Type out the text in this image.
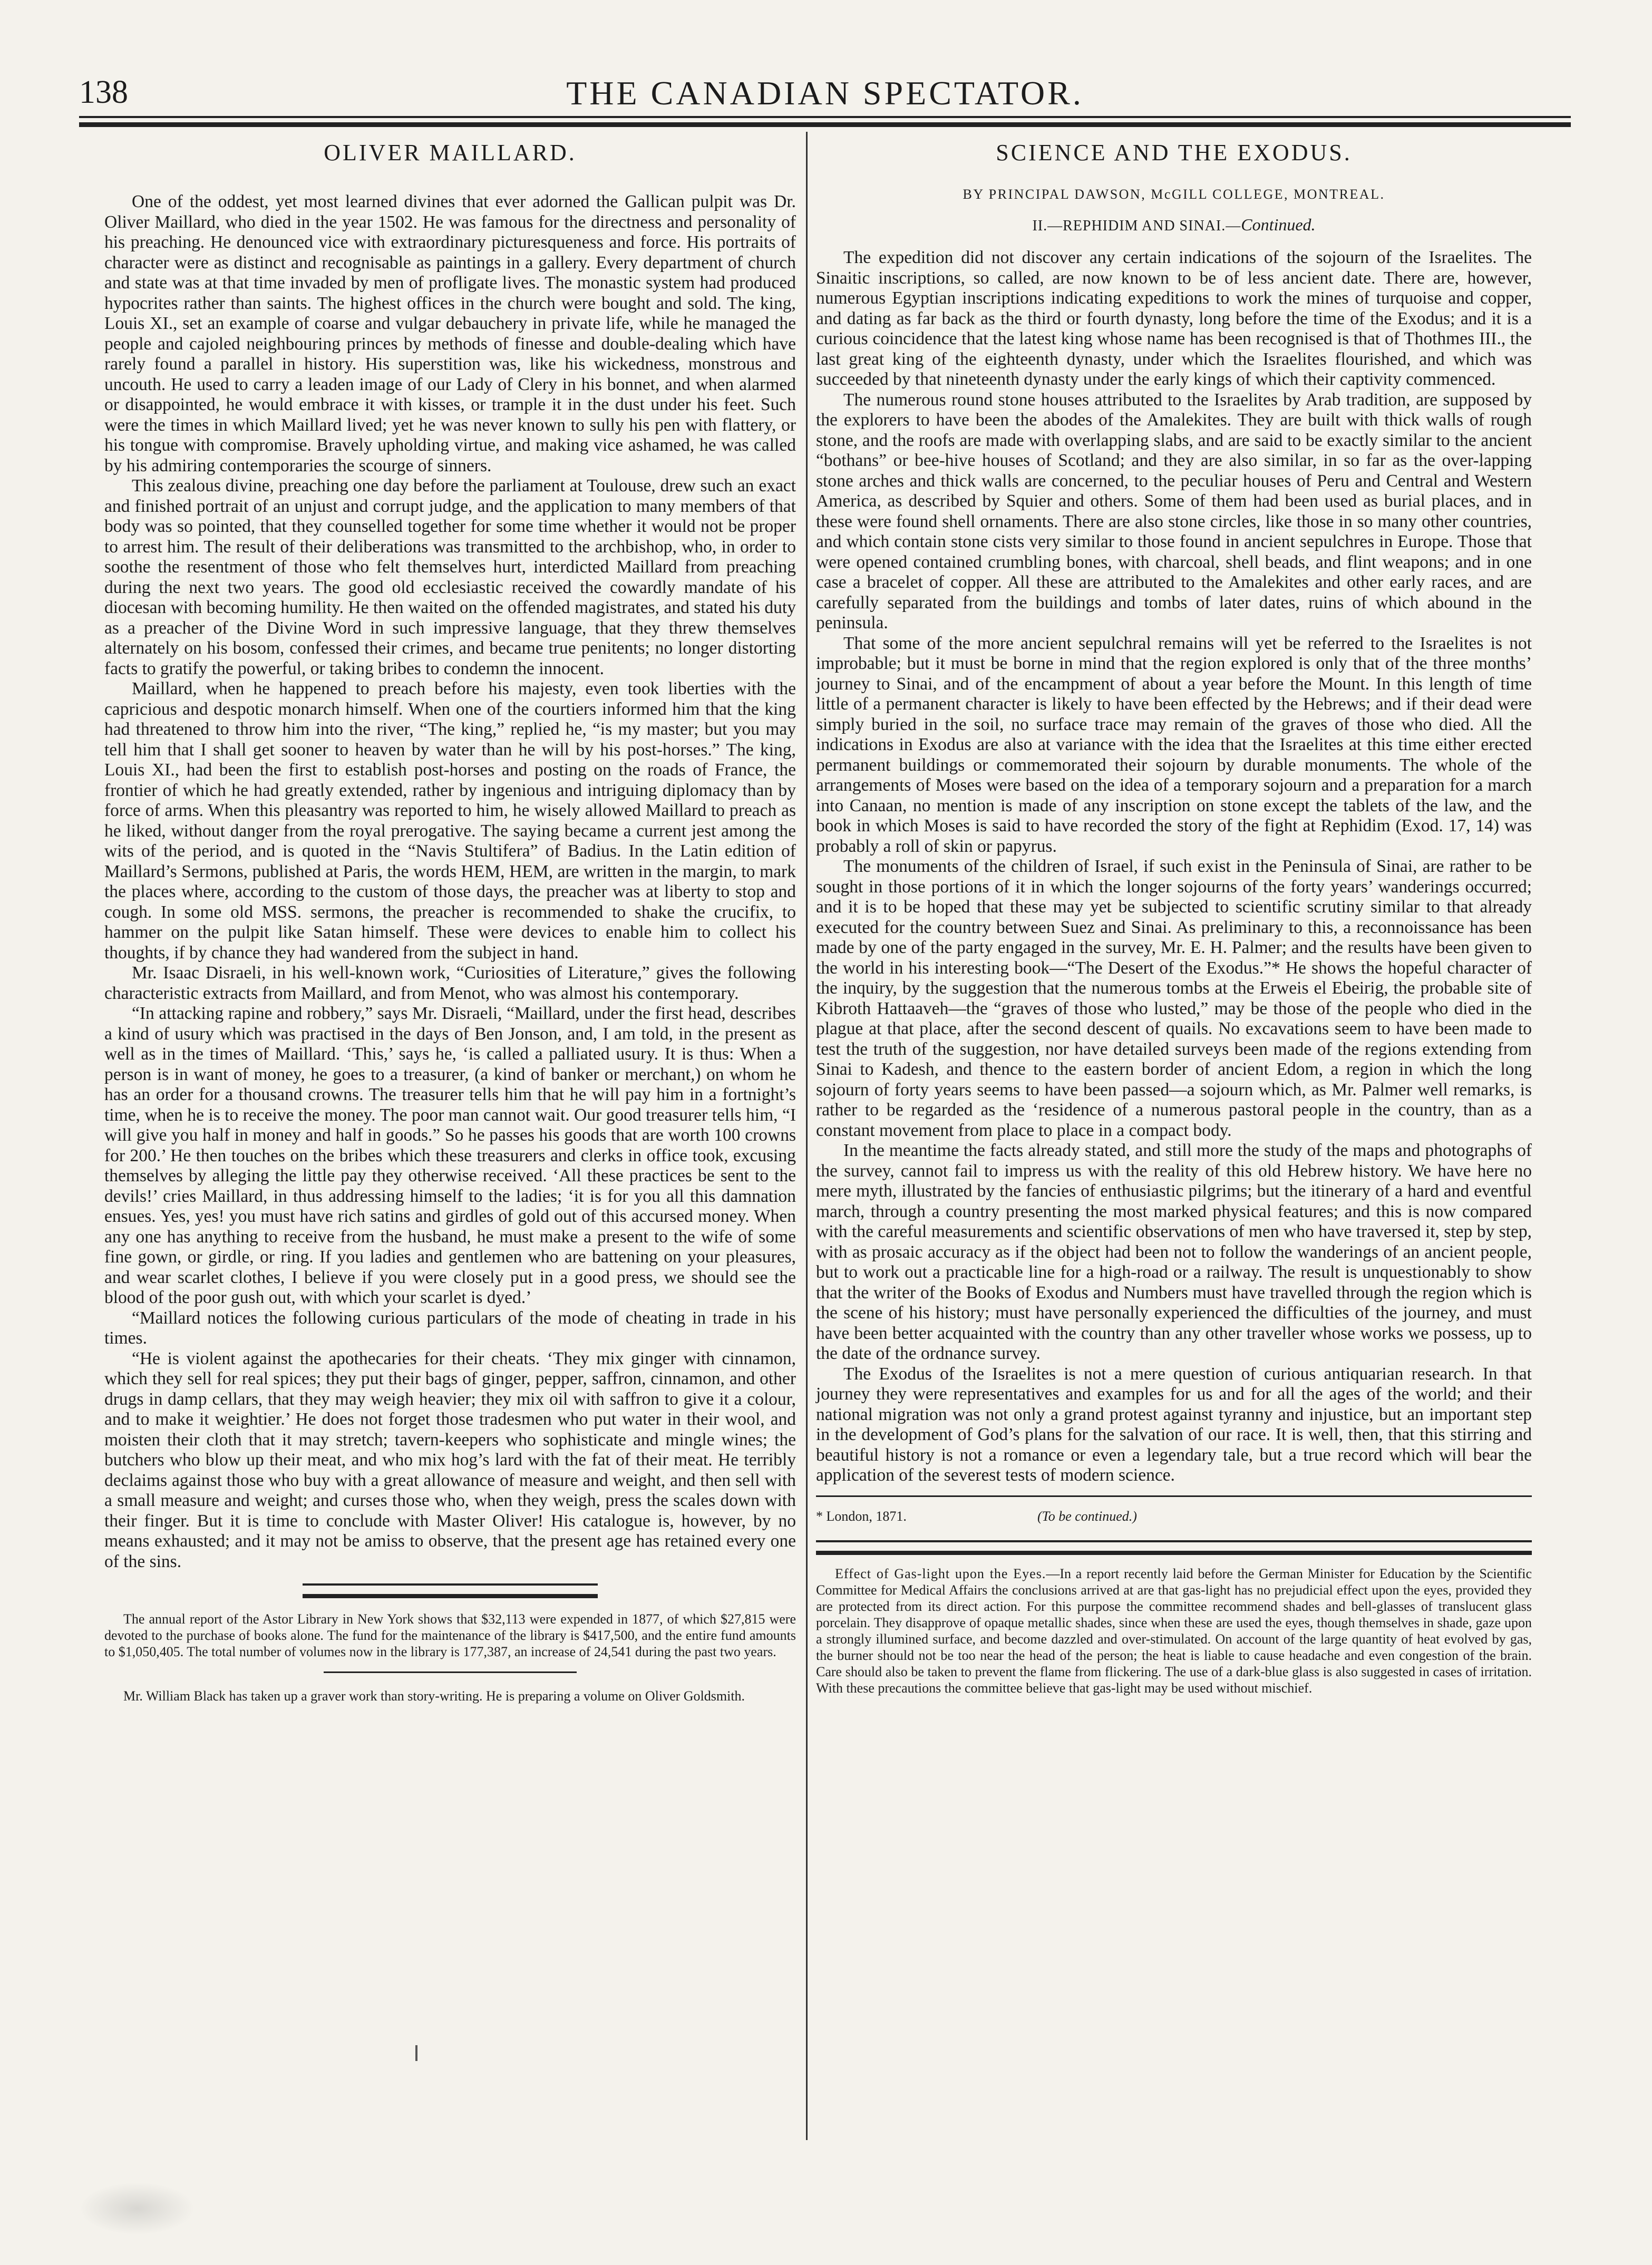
138	THE CANADIAN SPECTATOR.
OLIVER MAILLARD.

One of the oddest, yet most learned divines that ever adorned the Gallican pulpit was Dr. Oliver Maillard, who died in the year 1502. He was famous for the directness and personality of his preaching. He denounced vice with extraordinary picturesqueness and force. His portraits of character were as distinct and recognisable as paintings in a gallery. Every department of church and state was at that time invaded by men of profligate lives. The monastic system had produced hypocrites rather than saints. The highest offices in the church were bought and sold. The king, Louis XI., set an example of coarse and vulgar debauchery in private life, while he managed the people and cajoled neighbouring princes by methods of finesse and double-dealing which have rarely found a parallel in history. His superstition was, like his wickedness, monstrous and uncouth. He used to carry a leaden image of our Lady of Clery in his bonnet, and when alarmed or disappointed, he would embrace it with kisses, or trample it in the dust under his feet. Such were the times in which Maillard lived; yet he was never known to sully his pen with flattery, or his tongue with compromise. Bravely upholding virtue, and making vice ashamed, he was called by his admiring contemporaries the scourge of sinners.

This zealous divine, preaching one day before the parliament at Toulouse, drew such an exact and finished portrait of an unjust and corrupt judge, and the application to many members of that body was so pointed, that they counselled together for some time whether it would not be proper to arrest him. The result of their deliberations was transmitted to the archbishop, who, in order to soothe the resentment of those who felt themselves hurt, interdicted Maillard from preaching during the next two years. The good old ecclesiastic received the cowardly mandate of his diocesan with becoming humility. He then waited on the offended magistrates, and stated his duty as a preacher of the Divine Word in such impressive language, that they threw themselves alternately on his bosom, confessed their crimes, and became true penitents; no longer distorting facts to gratify the powerful, or taking bribes to condemn the innocent.

Maillard, when he happened to preach before his majesty, even took liberties with the capricious and despotic monarch himself. When one of the courtiers informed him that the king had threatened to throw him into the river, “The king,” replied he, “is my master; but you may tell him that I shall get sooner to heaven by water than he will by his post-horses.” The king, Louis XI., had been the first to establish post-horses and posting on the roads of France, the frontier of which he had greatly extended, rather by ingenious and intriguing diplomacy than by force of arms. When this pleasantry was reported to him, he wisely allowed Maillard to preach as he liked, without danger from the royal prerogative. The saying became a current jest among the wits of the period, and is quoted in the “Navis Stultifera” of Badius. In the Latin edition of Maillard’s Sermons, published at Paris, the words HEM, HEM, are written in the margin, to mark the places where, according to the custom of those days, the preacher was at liberty to stop and cough. In some old MSS. sermons, the preacher is recommended to shake the crucifix, to hammer on the pulpit like Satan himself. These were devices to enable him to collect his thoughts, if by chance they had wandered from the subject in hand.

Mr. Isaac Disraeli, in his well-known work, “Curiosities of Literature,” gives the following characteristic extracts from Maillard, and from Menot, who was almost his contemporary.

“In attacking rapine and robbery,” says Mr. Disraeli, “Maillard, under the first head, describes a kind of usury which was practised in the days of Ben Jonson, and, I am told, in the present as well as in the times of Maillard. ‘This,’ says he, ‘is called a palliated usury. It is thus: When a person is in want of money, he goes to a treasurer, (a kind of banker or merchant,) on whom he has an order for a thousand crowns. The treasurer tells him that he will pay him in a fortnight’s time, when he is to receive the money. The poor man cannot wait. Our good treasurer tells him, “I will give you half in money and half in goods.” So he passes his goods that are worth 100 crowns for 200.’ He then touches on the bribes which these treasurers and clerks in office took, excusing themselves by alleging the little pay they otherwise received. ‘All these practices be sent to the devils!’ cries Maillard, in thus addressing himself to the ladies; ‘it is for you all this damnation ensues. Yes, yes! you must have rich satins and girdles of gold out of this accursed money. When any one has anything to receive from the husband, he must make a present to the wife of some fine gown, or girdle, or ring. If you ladies and gentlemen who are battening on your pleasures, and wear scarlet clothes, I believe if you were closely put in a good press, we should see the blood of the poor gush out, with which your scarlet is dyed.’

“Maillard notices the following curious particulars of the mode of cheating in trade in his times.

“He is violent against the apothecaries for their cheats. ‘They mix ginger with cinnamon, which they sell for real spices; they put their bags of ginger, pepper, saffron, cinnamon, and other drugs in damp cellars, that they may weigh heavier; they mix oil with saffron to give it a colour, and to make it weightier.’ He does not forget those tradesmen who put water in their wool, and moisten their cloth that it may stretch; tavern-keepers who sophisticate and mingle wines; the butchers who blow up their meat, and who mix hog’s lard with the fat of their meat. He terribly declaims against those who buy with a great allowance of measure and weight, and then sell with a small measure and weight; and curses those who, when they weigh, press the scales down with their finger. But it is time to conclude with Master Oliver! His catalogue is, however, by no means exhausted; and it may not be amiss to observe, that the present age has retained every one of the sins.

The annual report of the Astor Library in New York shows that $32,113 were expended in 1877, of which $27,815 were devoted to the purchase of books alone. The fund for the maintenance of the library is $417,500, and the entire fund amounts to $1,050,405. The total number of volumes now in the library is 177,387, an increase of 24,541 during the past two years.

Mr. William Black has taken up a graver work than story-writing. He is preparing a volume on Oliver Goldsmith.

SCIENCE AND THE EXODUS.
BY PRINCIPAL DAWSON, McGILL COLLEGE, MONTREAL.
II.—REPHIDIM AND SINAI.—Continued.

The expedition did not discover any certain indications of the sojourn of the Israelites. The Sinaitic inscriptions, so called, are now known to be of less ancient date. There are, however, numerous Egyptian inscriptions indicating expeditions to work the mines of turquoise and copper, and dating as far back as the third or fourth dynasty, long before the time of the Exodus; and it is a curious coincidence that the latest king whose name has been recognised is that of Thothmes III., the last great king of the eighteenth dynasty, under which the Israelites flourished, and which was succeeded by that nineteenth dynasty under the early kings of which their captivity commenced.

The numerous round stone houses attributed to the Israelites by Arab tradition, are supposed by the explorers to have been the abodes of the Amalekites. They are built with thick walls of rough stone, and the roofs are made with overlapping slabs, and are said to be exactly similar to the ancient “bothans” or bee-hive houses of Scotland; and they are also similar, in so far as the over-lapping stone arches and thick walls are concerned, to the peculiar houses of Peru and Central and Western America, as described by Squier and others. Some of them had been used as burial places, and in these were found shell ornaments. There are also stone circles, like those in so many other countries, and which contain stone cists very similar to those found in ancient sepulchres in Europe. Those that were opened contained crumbling bones, with charcoal, shell beads, and flint weapons; and in one case a bracelet of copper. All these are attributed to the Amalekites and other early races, and are carefully separated from the buildings and tombs of later dates, ruins of which abound in the peninsula.

That some of the more ancient sepulchral remains will yet be referred to the Israelites is not improbable; but it must be borne in mind that the region explored is only that of the three months’ journey to Sinai, and of the encampment of about a year before the Mount. In this length of time little of a permanent character is likely to have been effected by the Hebrews; and if their dead were simply buried in the soil, no surface trace may remain of the graves of those who died. All the indications in Exodus are also at variance with the idea that the Israelites at this time either erected permanent buildings or commemorated their sojourn by durable monuments. The whole of the arrangements of Moses were based on the idea of a temporary sojourn and a preparation for a march into Canaan, no mention is made of any inscription on stone except the tablets of the law, and the book in which Moses is said to have recorded the story of the fight at Rephidim (Exod. 17, 14) was probably a roll of skin or papyrus.

The monuments of the children of Israel, if such exist in the Peninsula of Sinai, are rather to be sought in those portions of it in which the longer sojourns of the forty years’ wanderings occurred; and it is to be hoped that these may yet be subjected to scientific scrutiny similar to that already executed for the country between Suez and Sinai. As preliminary to this, a reconnoissance has been made by one of the party engaged in the survey, Mr. E. H. Palmer; and the results have been given to the world in his interesting book—“The Desert of the Exodus.”* He shows the hopeful character of the inquiry, by the suggestion that the numerous tombs at the Erweis el Ebeirig, the probable site of Kibroth Hattaaveh—the “graves of those who lusted,” may be those of the people who died in the plague at that place, after the second descent of quails. No excavations seem to have been made to test the truth of the suggestion, nor have detailed surveys been made of the regions extending from Sinai to Kadesh, and thence to the eastern border of ancient Edom, a region in which the long sojourn of forty years seems to have been passed—a sojourn which, as Mr. Palmer well remarks, is rather to be regarded as the ‘residence of a numerous pastoral people in the country, than as a constant movement from place to place in a compact body.

In the meantime the facts already stated, and still more the study of the maps and photographs of the survey, cannot fail to impress us with the reality of this old Hebrew history. We have here no mere myth, illustrated by the fancies of enthusiastic pilgrims; but the itinerary of a hard and eventful march, through a country presenting the most marked physical features; and this is now compared with the careful measurements and scientific observations of men who have traversed it, step by step, with as prosaic accuracy as if the object had been not to follow the wanderings of an ancient people, but to work out a practicable line for a high-road or a railway. The result is unquestionably to show that the writer of the Books of Exodus and Numbers must have travelled through the region which is the scene of his history; must have personally experienced the difficulties of the journey, and must have been better acquainted with the country than any other traveller whose works we possess, up to the date of the ordnance survey.

The Exodus of the Israelites is not a mere question of curious antiquarian research. In that journey they were representatives and examples for us and for all the ages of the world; and their national migration was not only a grand protest against tyranny and injustice, but an important step in the development of God’s plans for the salvation of our race. It is well, then, that this stirring and beautiful history is not a romance or even a legendary tale, but a true record which will bear the application of the severest tests of modern science.

* London, 1871.	(To be continued.)

Effect of Gas-light upon the Eyes.—In a report recently laid before the German Minister for Education by the Scientific Committee for Medical Affairs the conclusions arrived at are that gas-light has no prejudicial effect upon the eyes, provided they are protected from its direct action. For this purpose the committee recommend shades and bell-glasses of translucent glass porcelain. They disapprove of opaque metallic shades, since when these are used the eyes, though themselves in shade, gaze upon a strongly illumined surface, and become dazzled and over-stimulated. On account of the large quantity of heat evolved by gas, the burner should not be too near the head of the person; the heat is liable to cause headache and even congestion of the brain. Care should also be taken to prevent the flame from flickering. The use of a dark-blue glass is also suggested in cases of irritation. With these precautions the committee believe that gas-light may be used without mischief.
